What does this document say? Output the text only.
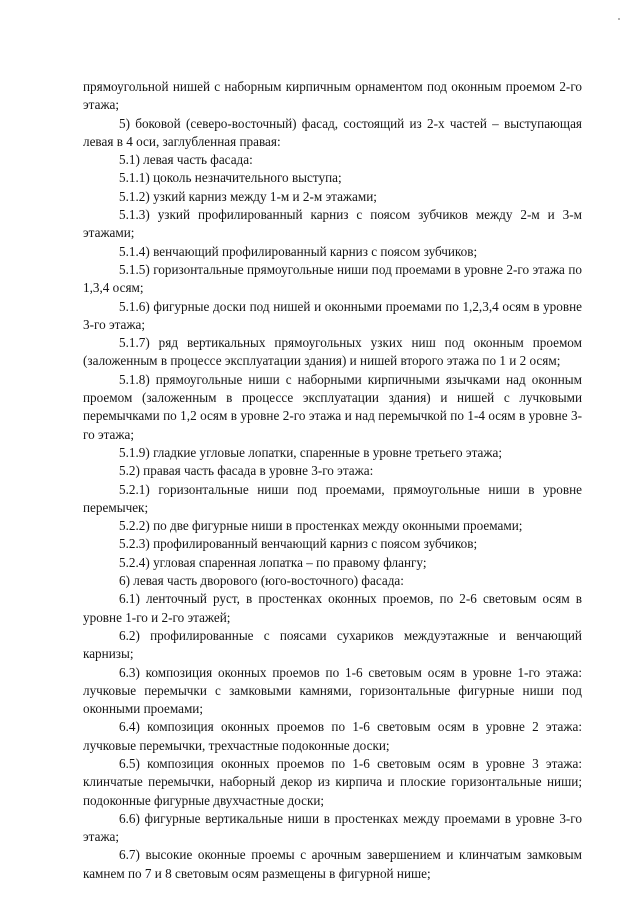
прямоугольной нишей с наборным кирпичным орнаментом под оконным проемом 2-го этажа;

5) боковой (северо-восточный) фасад, состоящий из 2-х частей – выступающая левая в 4 оси, заглубленная правая:

5.1) левая часть фасада:

5.1.1) цоколь незначительного выступа;

5.1.2) узкий карниз между 1-м и 2-м этажами;

5.1.3) узкий профилированный карниз с поясом зубчиков между 2-м и 3-м этажами;

5.1.4) венчающий профилированный карниз с поясом зубчиков;

5.1.5) горизонтальные прямоугольные ниши под проемами в уровне 2-го этажа по 1,3,4 осям;

5.1.6) фигурные доски под нишей и оконными проемами по 1,2,3,4 осям в уровне 3-го этажа;

5.1.7) ряд вертикальных прямоугольных узких ниш под оконным проемом (заложенным в процессе эксплуатации здания) и нишей второго этажа по 1 и 2 осям;

5.1.8) прямоугольные ниши с наборными кирпичными язычками над оконным проемом (заложенным в процессе эксплуатации здания) и нишей с лучковыми перемычками по 1,2 осям в уровне 2-го этажа и над перемычкой по 1-4 осям в уровне 3-го этажа;

5.1.9) гладкие угловые лопатки, спаренные в уровне третьего этажа;

5.2) правая часть фасада в уровне 3-го этажа:

5.2.1) горизонтальные ниши под проемами, прямоугольные ниши в уровне перемычек;

5.2.2) по две фигурные ниши в простенках между оконными проемами;

5.2.3) профилированный венчающий карниз с поясом зубчиков;

5.2.4) угловая спаренная лопатка – по правому флангу;

6) левая часть дворового (юго-восточного) фасада:

6.1) ленточный руст, в простенках оконных проемов, по 2-6 световым осям в уровне 1-го и 2-го этажей;

6.2) профилированные с поясами сухариков междуэтажные и венчающий карнизы;

6.3) композиция оконных проемов по 1-6 световым осям в уровне 1-го этажа: лучковые перемычки с замковыми камнями, горизонтальные фигурные ниши под оконными проемами;

6.4) композиция оконных проемов по 1-6 световым осям в уровне 2 этажа: лучковые перемычки, трехчастные подоконные доски;

6.5) композиция оконных проемов по 1-6 световым осям в уровне 3 этажа: клинчатые перемычки, наборный декор из кирпича и плоские горизонтальные ниши; подоконные фигурные двухчастные доски;

6.6) фигурные вертикальные ниши в простенках между проемами в уровне 3-го этажа;

6.7) высокие оконные проемы с арочным завершением и клинчатым замковым камнем по 7 и 8 световым осям размещены в фигурной нише;
